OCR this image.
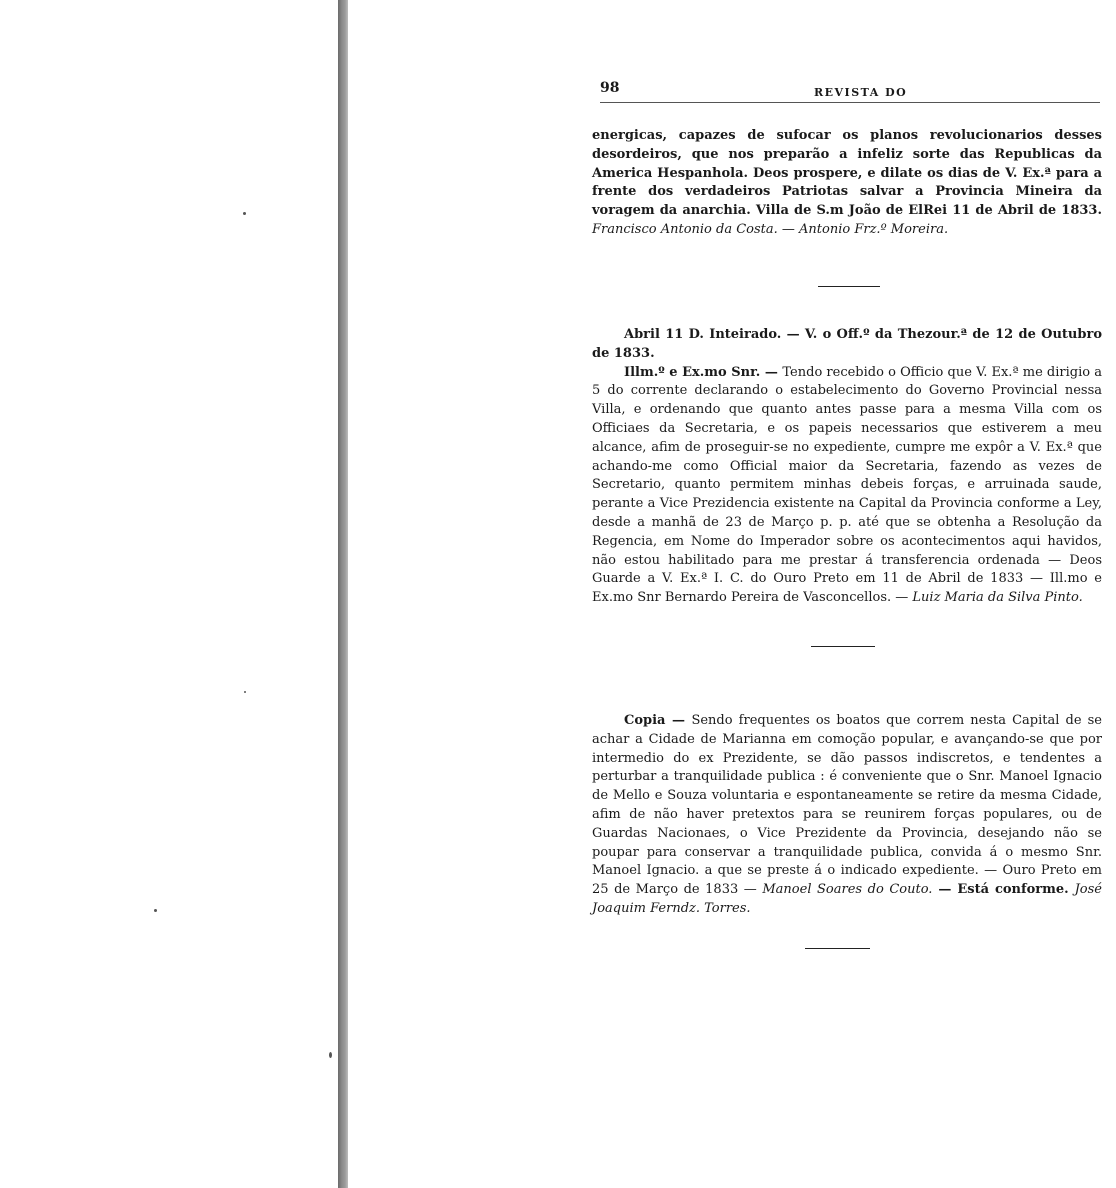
98	REVISTA DO

energicas, capazes de sufocar os planos revolucionarios desses desordeiros, que nos preparão a infeliz sorte das Republicas da America Hespanhola. Deos prospere, e dilate os dias de V. Ex.ª para a frente dos verdadeiros Patriotas salvar a Provincia Mineira da voragem da anarchia. Villa de S.m João de ElRei 11 de Abril de 1833. Francisco Antonio da Costa. — Antonio Frz.º Moreira.

Abril 11 D. Inteirado. — V. o Off.º da Thezour.ª de 12 de Outubro de 1833.

Illm.º e Ex.mo Snr. — Tendo recebido o Officio que V. Ex.ª me dirigio a 5 do corrente declarando o estabelecimento do Governo Provincial nessa Villa, e ordenando que quanto antes passe para a mesma Villa com os Officiaes da Secretaria, e os papeis necessarios que estiverem a meu alcance, afim de proseguir-se no expediente, cumpre me expôr a V. Ex.ª que achando-me como Official maior da Secretaria, fazendo as vezes de Secretario, quanto permitem minhas debeis forças, e arruinada saude, perante a Vice Prezidencia existente na Capital da Provincia conforme a Ley, desde a manhã de 23 de Março p. p. até que se obtenha a Resolução da Regencia, em Nome do Imperador sobre os acontecimentos aqui havidos, não estou habilitado para me prestar á transferencia ordenada — Deos Guarde a V. Ex.ª I. C. do Ouro Preto em 11 de Abril de 1833 — Ill.mo e Ex.mo Snr Bernardo Pereira de Vasconcellos. — Luiz Maria da Silva Pinto.

Copia — Sendo frequentes os boatos que correm nesta Capital de se achar a Cidade de Marianna em comoção popular, e avançando-se que por intermedio do ex Prezidente, se dão passos indiscretos, e tendentes a perturbar a tranquilidade publica : é conveniente que o Snr. Manoel Ignacio de Mello e Souza voluntaria e espontaneamente se retire da mesma Cidade, afim de não haver pretextos para se reunirem forças populares, ou de Guardas Nacionaes, o Vice Prezidente da Provincia, desejando não se poupar para conservar a tranquilidade publica, convida á o mesmo Snr. Manoel Ignacio. a que se preste á o indicado expediente. — Ouro Preto em 25 de Março de 1833 — Manoel Soares do Couto. — Está conforme. José Joaquim Ferndz. Torres.
